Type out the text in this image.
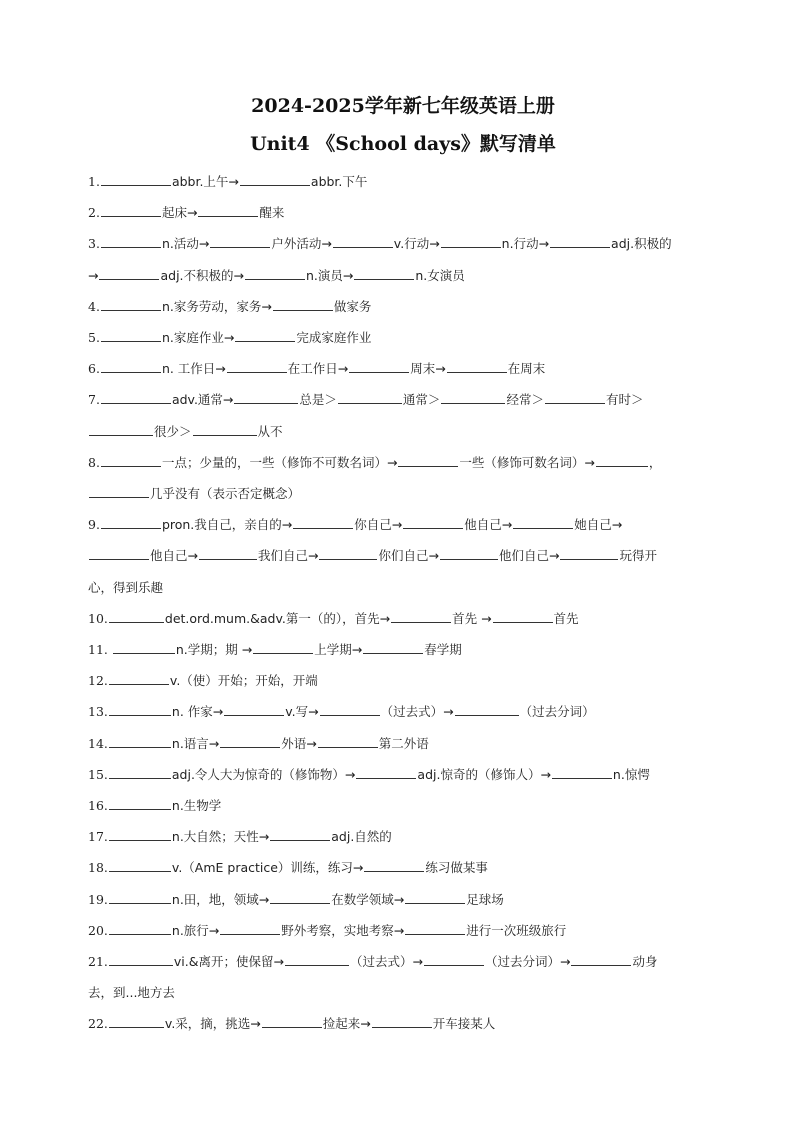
2024-2025学年新七年级英语上册
Unit4 《School days》默写清单
1.	abbr.上午→	abbr.下午
2.	起床→	醒来
3.	n.活动→	户外活动→	v.行动→	n.行动→	adj.积极的
→	adj.不积极的→	n.演员→	n.女演员
4.	n.家务劳动，家务→	做家务
5.	n.家庭作业→	完成家庭作业
6.	n. 工作日→	在工作日→	周末→	在周末
7.	adv.通常→	总是＞	通常＞	经常＞	有时＞
很少＞	从不
8.	一点；少量的，一些（修饰不可数名词）→	一些（修饰可数名词）→	，
几乎没有（表示否定概念）
9.	pron.我自己，亲自的→	你自己→	他自己→	她自己→
他自己→	我们自己→	你们自己→	他们自己→	玩得开
心，得到乐趣
10.	det.ord.mum.&adv.第一（的），首先→	首先 →	首先
11.	n.学期；期 →	上学期→	春学期
12.	v.（使）开始；开始，开端
13.	n. 作家→	v.写→	（过去式）→	（过去分词）
14.	n.语言→	外语→	第二外语
15.	adj.令人大为惊奇的（修饰物）→	adj.惊奇的（修饰人）→	n.惊愕
16.	n.生物学
17.	n.大自然；天性→	adj.自然的
18.	v.（AmE practice）训练，练习→	练习做某事
19.	n.田，地，领域→	在数学领域→	足球场
20.	n.旅行→	野外考察，实地考察→	进行一次班级旅行
21.	vi.&离开；使保留→	（过去式）→	（过去分词）→	动身
去，到...地方去
22.	v.采，摘，挑选→	捡起来→	开车接某人
